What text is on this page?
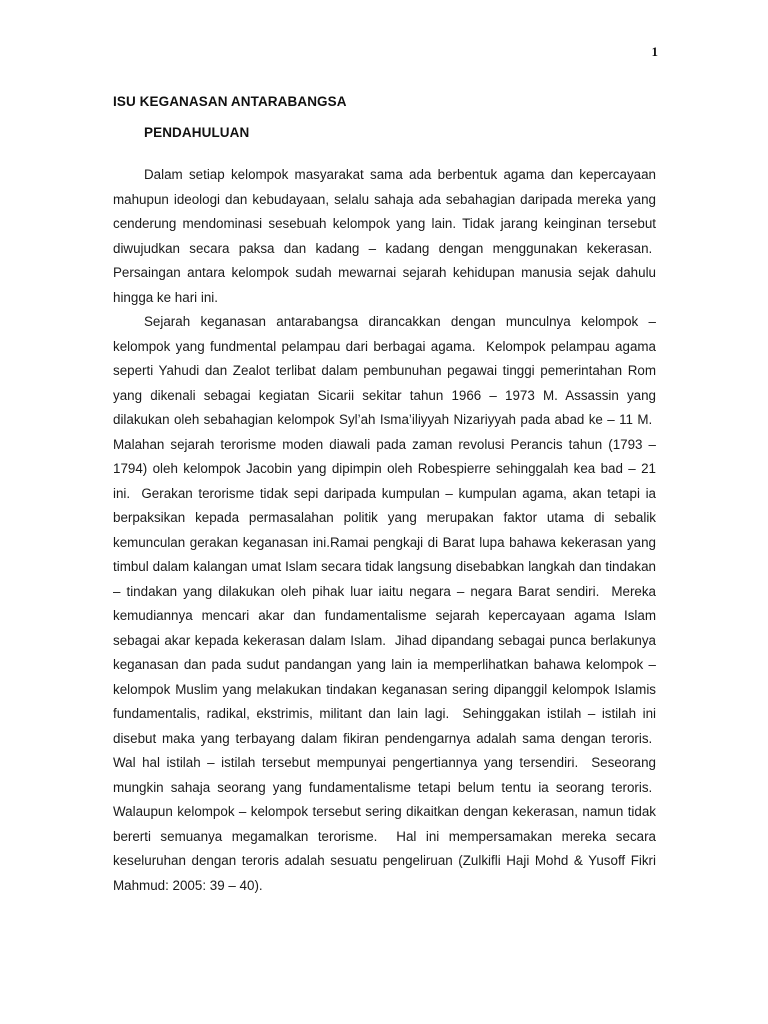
1
ISU KEGANASAN ANTARABANGSA
PENDAHULUAN

Dalam setiap kelompok masyarakat sama ada berbentuk agama dan kepercayaan mahupun ideologi dan kebudayaan, selalu sahaja ada sebahagian daripada mereka yang cenderung mendominasi sesebuah kelompok yang lain. Tidak jarang keinginan tersebut diwujudkan secara paksa dan kadang – kadang dengan menggunakan kekerasan.  Persaingan antara kelompok sudah mewarnai sejarah kehidupan manusia sejak dahulu hingga ke hari ini.

Sejarah keganasan antarabangsa dirancakkan dengan munculnya kelompok – kelompok yang fundmental pelampau dari berbagai agama.  Kelompok pelampau agama seperti Yahudi dan Zealot terlibat dalam pembunuhan pegawai tinggi pemerintahan Rom yang dikenali sebagai kegiatan Sicarii sekitar tahun 1966 – 1973 M. Assassin yang dilakukan oleh sebahagian kelompok Syl’ah Isma’iliyyah Nizariyyah pada abad ke – 11 M.  Malahan sejarah terorisme moden diawali pada zaman revolusi Perancis tahun (1793 – 1794) oleh kelompok Jacobin yang dipimpin oleh Robespierre sehinggalah kea bad – 21 ini.  Gerakan terorisme tidak sepi daripada kumpulan – kumpulan agama, akan tetapi ia berpaksikan kepada permasalahan politik yang merupakan faktor utama di sebalik kemunculan gerakan keganasan ini.Ramai pengkaji di Barat lupa bahawa kekerasan yang timbul dalam kalangan umat Islam secara tidak langsung disebabkan langkah dan tindakan – tindakan yang dilakukan oleh pihak luar iaitu negara – negara Barat sendiri.  Mereka kemudiannya mencari akar dan fundamentalisme sejarah kepercayaan agama Islam sebagai akar kepada kekerasan dalam Islam.  Jihad dipandang sebagai punca berlakunya keganasan dan pada sudut pandangan yang lain ia memperlihatkan bahawa kelompok – kelompok Muslim yang melakukan tindakan keganasan sering dipanggil kelompok Islamis fundamentalis, radikal, ekstrimis, militant dan lain lagi.  Sehinggakan istilah – istilah ini disebut maka yang terbayang dalam fikiran pendengarnya adalah sama dengan teroris.  Wal hal istilah – istilah tersebut mempunyai pengertiannya yang tersendiri.  Seseorang mungkin sahaja seorang yang fundamentalisme tetapi belum tentu ia seorang teroris.  Walaupun kelompok – kelompok tersebut sering dikaitkan dengan kekerasan, namun tidak bererti semuanya megamalkan terorisme.  Hal ini mempersamakan mereka secara keseluruhan dengan teroris adalah sesuatu pengeliruan (Zulkifli Haji Mohd & Yusoff Fikri Mahmud: 2005: 39 – 40).
